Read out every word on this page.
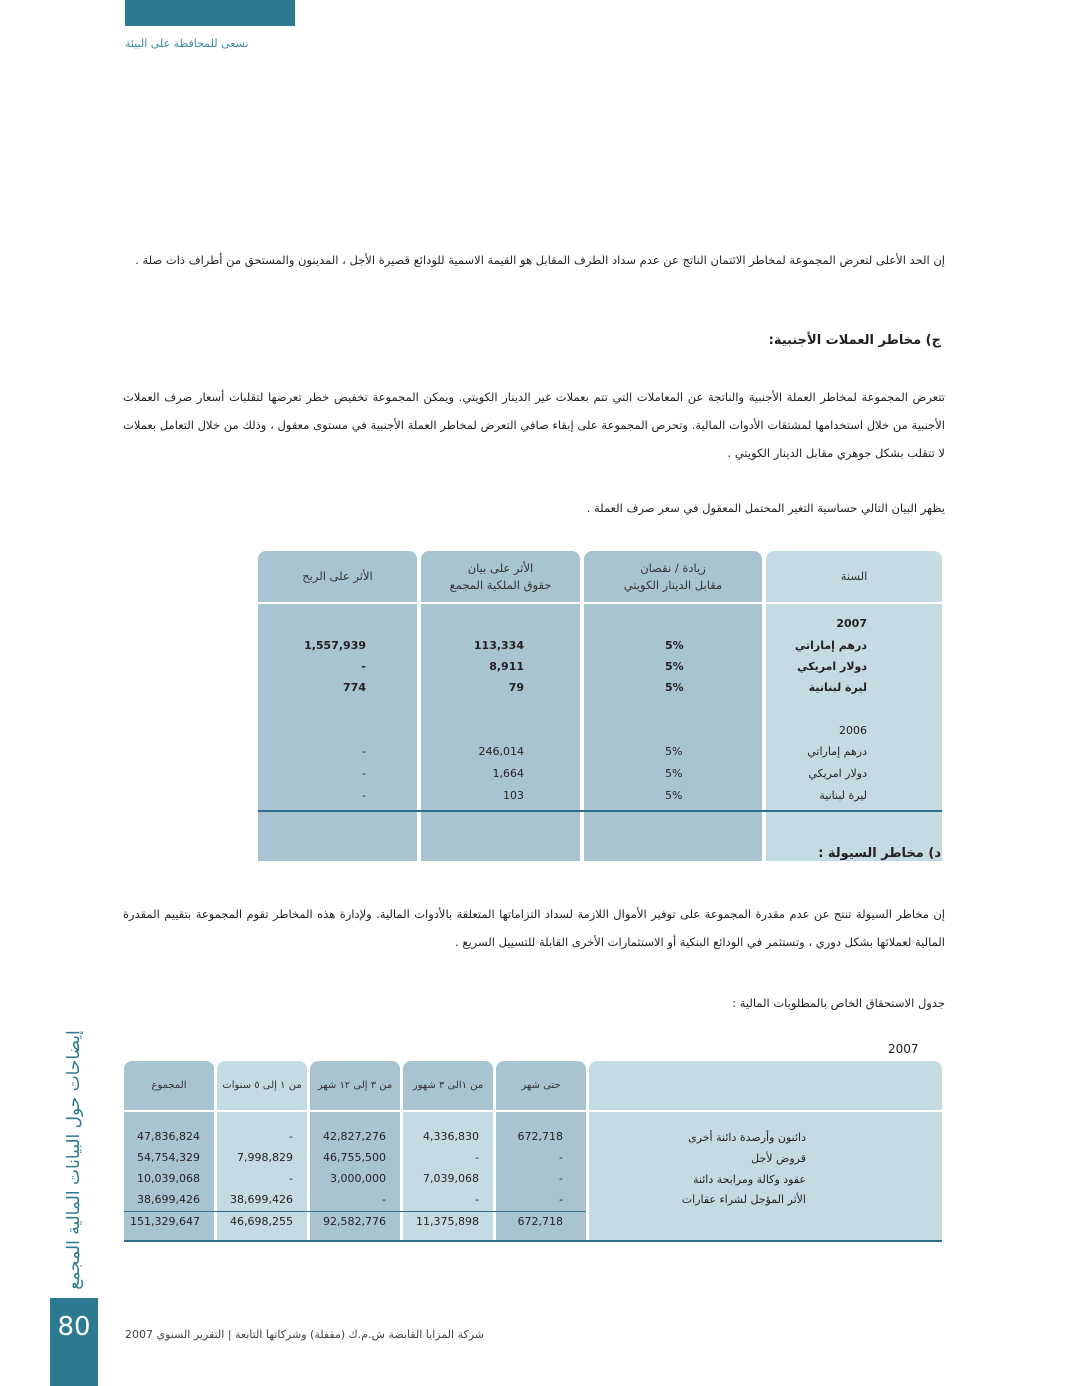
نسعى للمحافظة على البيئة
إن الحد الأعلى لتعرض المجموعة لمخاطر الائتمان الناتج عن عدم سداد الطرف المقابل هو القيمة الاسمية للودائع قصيرة الأجل ، المدينون والمستحق من أطراف ذات صلة .
ج) مخاطر العملات الأجنبية:
تتعرض المجموعة لمخاطر العملة الأجنبية والناتجة عن المعاملات التي تتم بعملات غير الدينار الكويتي. ويمكن المجموعة تخفيض خطر تعرضها لتقلبات أسعار صرف العملات الأجنبية من خلال استخدامها لمشتقات الأدوات المالية. وتحرص المجموعة على إبقاء صافي التعرض لمخاطر العملة الأجنبية في مستوى معقول ، وذلك من خلال التعامل بعملات لا تتقلب بشكل جوهري مقابل الدينار الكويتي .
يظهر البيان التالي حساسية التغير المحتمل المعقول في سعر صرف العملة .
السنة
زيادة / نقصان
مقابل الدينار الكويتي
الأثر على بيان
حقوق الملكية المجمع
الأثر على الربح
2007
درهم إماراتي
5%
113,334
1,557,939
دولار امريكي
5%
8,911
-
ليرة لبنانية
5%
79
774
2006
درهم إماراتي
5%
246,014
-
دولار امريكي
5%
1,664
-
ليرة لبنانية
5%
103
-
د) مخاطر السيولة :
إن مخاطر السيولة تنتج عن عدم مقدرة المجموعة على توفير الأموال اللازمة لسداد التزاماتها المتعلقة بالأدوات المالية. ولإدارة هذه المخاطر تقوم المجموعة بتقييم المقدرة المالية لعملائها بشكل دوري ، وتستثمر في الودائع البنكية أو الاستثمارات الأخرى القابلة للتسييل السريع .
جدول الاستحقاق الخاص بالمطلوبات المالية :
2007
حتى شهر
من ١الى ٣ شهور
من ٣ إلى ١٢ شهر
من ١ إلى ٥ سنوات
المجموع
دائنون وأرصدة دائنة أخرى
672,718
4,336,830
42,827,276
-
47,836,824
قروض لأجل
-
-
46,755,500
7,998,829
54,754,329
عقود وكالة ومرابحة دائنة
-
7,039,068
3,000,000
-
10,039,068
الأثر المؤجل لشراء عقارات
-
-
-
38,699,426
38,699,426
672,718
11,375,898
92,582,776
46,698,255
151,329,647
إيضاحات حول البيانات المالية المجمع
80	شركة المزايا القابضة ش.م.ك (مقفلة) وشركاتها التابعة | التقرير السنوي 2007
